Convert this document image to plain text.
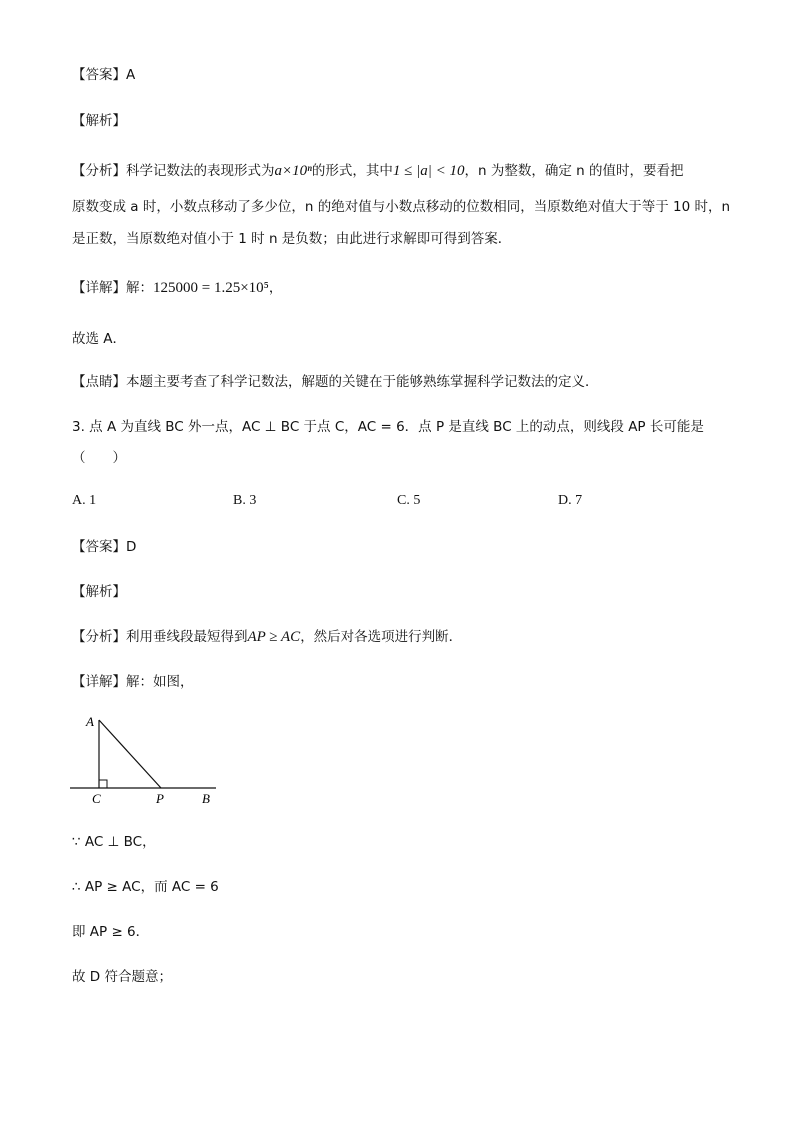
【答案】A
【解析】
【分析】科学记数法的表现形式为a×10ⁿ的形式，其中1 ≤ |a| < 10，n 为整数，确定 n 的值时，要看把
原数变成 a 时，小数点移动了多少位，n 的绝对值与小数点移动的位数相同，当原数绝对值大于等于 10 时，n
是正数，当原数绝对值小于 1 时 n 是负数；由此进行求解即可得到答案．
【详解】解：125000 = 1.25×10⁵，
故选 A．
【点睛】本题主要考查了科学记数法，解题的关键在于能够熟练掌握科学记数法的定义．
3. 点 A 为直线 BC 外一点，AC ⊥ BC 于点 C，AC = 6．点 P 是直线 BC 上的动点，则线段 AP 长可能是
（　　）
A. 1	B. 3	C. 5	D. 7
【答案】D
【解析】
【分析】利用垂线段最短得到AP ≥ AC，然后对各选项进行判断．
【详解】解：如图，
A
C	P	B
∵ AC ⊥ BC，
∴ AP ≥ AC，而 AC = 6
即 AP ≥ 6．
故 D 符合题意；
